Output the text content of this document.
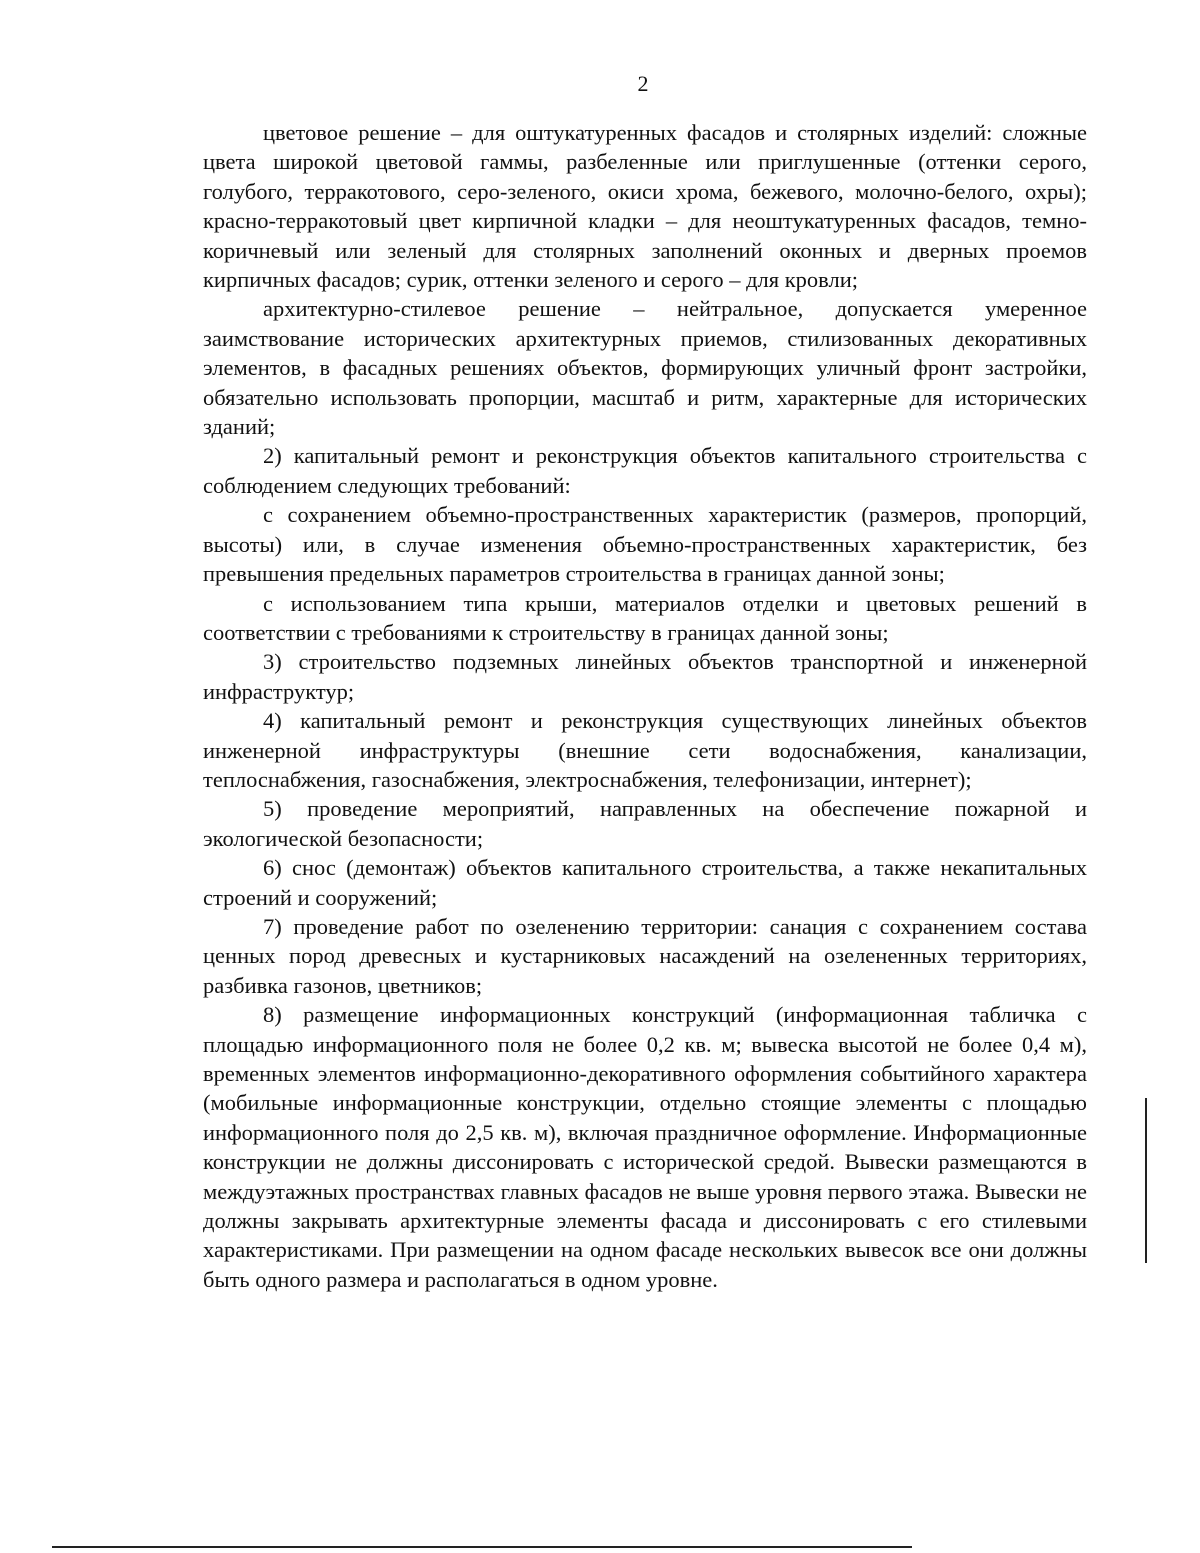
2

цветовое решение – для оштукатуренных фасадов и столярных изделий: сложные цвета широкой цветовой гаммы, разбеленные или приглушенные (оттенки серого, голубого, терракотового, серо-зеленого, окиси хрома, бежевого, молочно-белого, охры); красно-терракотовый цвет кирпичной кладки – для неоштукатуренных фасадов, темно-коричневый или зеленый для столярных заполнений оконных и дверных проемов кирпичных фасадов; сурик, оттенки зеленого и серого – для кровли;

архитектурно-стилевое решение – нейтральное, допускается умеренное заимствование исторических архитектурных приемов, стилизованных декоративных элементов, в фасадных решениях объектов, формирующих уличный фронт застройки, обязательно использовать пропорции, масштаб и ритм, характерные для исторических зданий;

2) капитальный ремонт и реконструкция объектов капитального строительства с соблюдением следующих требований:

с сохранением объемно-пространственных характеристик (размеров, пропорций, высоты) или, в случае изменения объемно-пространственных характеристик, без превышения предельных параметров строительства в границах данной зоны;

с использованием типа крыши, материалов отделки и цветовых решений в соответствии с требованиями к строительству в границах данной зоны;

3) строительство подземных линейных объектов транспортной и инженерной инфраструктур;

4) капитальный ремонт и реконструкция существующих линейных объектов инженерной инфраструктуры (внешние сети водоснабжения, канализации, теплоснабжения, газоснабжения, электроснабжения, телефонизации, интернет);

5) проведение мероприятий, направленных на обеспечение пожарной и экологической безопасности;

6) снос (демонтаж) объектов капитального строительства, а также некапитальных строений и сооружений;

7) проведение работ по озеленению территории: санация с сохранением состава ценных пород древесных и кустарниковых насаждений на озелененных территориях, разбивка газонов, цветников;

8) размещение информационных конструкций (информационная табличка с площадью информационного поля не более 0,2 кв. м; вывеска высотой не более 0,4 м), временных элементов информационно-декоративного оформления событийного характера (мобильные информационные конструкции, отдельно стоящие элементы с площадью информационного поля до 2,5 кв. м), включая праздничное оформление. Информационные конструкции не должны диссонировать с исторической средой. Вывески размещаются в междуэтажных пространствах главных фасадов не выше уровня первого этажа. Вывески не должны закрывать архитектурные элементы фасада и диссонировать с его стилевыми характеристиками. При размещении на одном фасаде нескольких вывесок все они должны быть одного размера и располагаться в одном уровне.
